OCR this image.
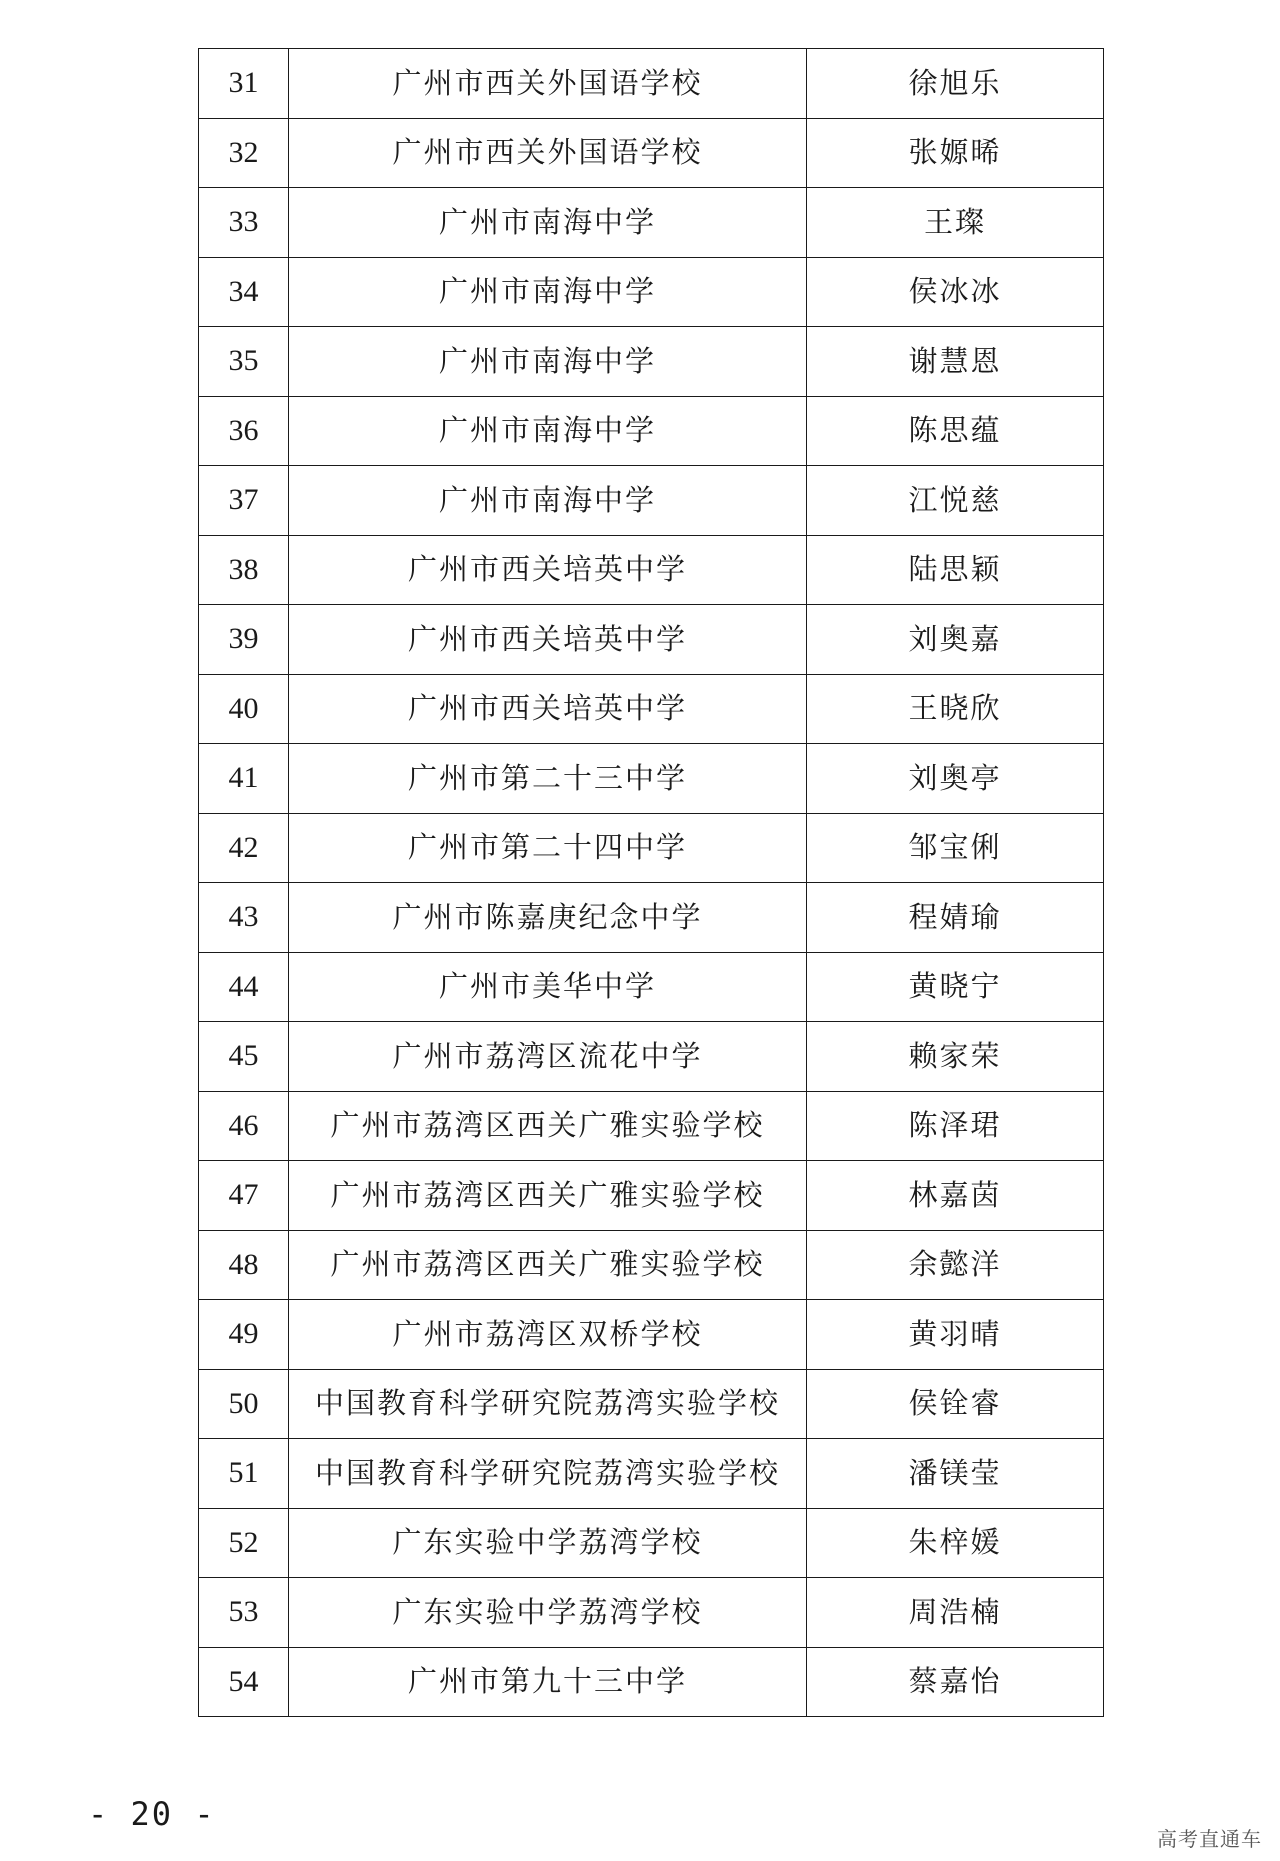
31	广州市西关外国语学校	徐旭乐
32	广州市西关外国语学校	张嫄晞
33	广州市南海中学	王璨
34	广州市南海中学	侯冰冰
35	广州市南海中学	谢慧恩
36	广州市南海中学	陈思蕴
37	广州市南海中学	江悦慈
38	广州市西关培英中学	陆思颖
39	广州市西关培英中学	刘奥嘉
40	广州市西关培英中学	王晓欣
41	广州市第二十三中学	刘奥亭
42	广州市第二十四中学	邹宝俐
43	广州市陈嘉庚纪念中学	程婧瑜
44	广州市美华中学	黄晓宁
45	广州市荔湾区流花中学	赖家荣
46	广州市荔湾区西关广雅实验学校	陈泽珺
47	广州市荔湾区西关广雅实验学校	林嘉茵
48	广州市荔湾区西关广雅实验学校	余懿洋
49	广州市荔湾区双桥学校	黄羽晴
50	中国教育科学研究院荔湾实验学校	侯铨睿
51	中国教育科学研究院荔湾实验学校	潘镁莹
52	广东实验中学荔湾学校	朱梓媛
53	广东实验中学荔湾学校	周浩楠
54	广州市第九十三中学	蔡嘉怡
- 20 -
高考直通车
